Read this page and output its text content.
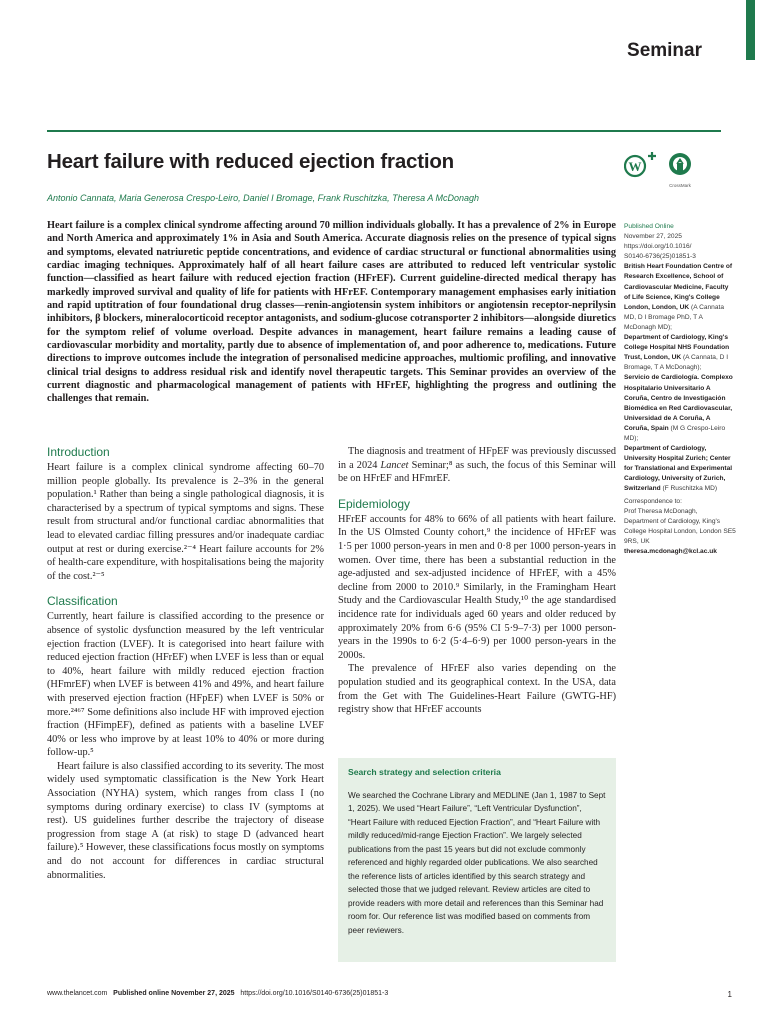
Seminar
Heart failure with reduced ejection fraction
Antonio Cannata, Maria Generosa Crespo-Leiro, Daniel I Bromage, Frank Ruschitzka, Theresa A McDonagh
W
CrossMark

Heart failure is a complex clinical syndrome affecting around 70 million individuals globally. It has a prevalence of 2% in Europe and North America and approximately 1% in Asia and South America. Accurate diagnosis relies on the presence of typical signs and symptoms, elevated natriuretic peptide concentrations, and evidence of cardiac structural or functional abnormalities using cardiac imaging techniques. Approximately half of all heart failure cases are attributed to reduced left ventricular systolic function—classified as heart failure with reduced ejection fraction (HFrEF). Current guideline-directed medical therapy has markedly improved survival and quality of life for patients with HFrEF. Contemporary management emphasises early initiation and rapid uptitration of four foundational drug classes—renin-angiotensin system inhibitors or angiotensin receptor-neprilysin inhibitors, β blockers, mineralocorticoid receptor antagonists, and sodium-glucose cotransporter 2 inhibitors—alongside diuretics for the symptom relief of volume overload. Despite advances in management, heart failure remains a leading cause of cardiovascular morbidity and mortality, partly due to absence of implementation of, and poor adherence to, medications. Future directions to improve outcomes include the integration of personalised medicine approaches, multiomic profiling, and innovative clinical trial designs to address residual risk and identify novel therapeutic targets. This Seminar provides an overview of the current diagnostic and pharmacological management of patients with HFrEF, highlighting the progress and outlining the challenges that remain.

Published Online
November 27, 2025
https://doi.org/10.1016/
S0140-6736(25)01851-3
British Heart Foundation Centre of Research Excellence, School of Cardiovascular Medicine, Faculty of Life Science, King's College London, London, UK (A Cannata MD, D I Bromage PhD, T A McDonagh MD);
Department of Cardiology, King's College Hospital NHS Foundation Trust, London, UK (A Cannata, D I Bromage, T A McDonagh);
Servicio de Cardiología. Complexo Hospitalario Universitario A Coruña, Centro de Investigación Biomédica en Red Cardiovascular, Universidad de A Coruña, A Coruña, Spain (M G Crespo-Leiro MD);
Department of Cardiology, University Hospital Zurich; Center for Translational and Experimental Cardiology, University of Zurich, Switzerland (F Ruschitzka MD)
Correspondence to:
Prof Theresa McDonagh,
Department of Cardiology, King's College Hospital London, London SE5 9RS, UK
theresa.mcdonagh@kcl.ac.uk
Introduction

Heart failure is a complex clinical syndrome affecting 60–70 million people globally. Its prevalence is 2–3% in the general population.¹ Rather than being a single pathological diagnosis, it is characterised by a spectrum of typical symptoms and signs. These result from structural and/or functional cardiac abnormalities that lead to elevated cardiac filling pressures and/or inadequate cardiac output at rest or during exercise.²⁻⁴ Heart failure accounts for 2% of health-care expenditure, with hospitalisations being the majority of the cost.²⁻⁵

Classification

Currently, heart failure is classified according to the presence or absence of systolic dysfunction measured by the left ventricular ejection fraction (LVEF). It is categorised into heart failure with reduced ejection fraction (HFrEF) when LVEF is less than or equal to 40%, heart failure with mildly reduced ejection fraction (HFmrEF) when LVEF is between 41% and 49%, and heart failure with preserved ejection fraction (HFpEF) when LVEF is 50% or more.²⁴⁶⁷ Some definitions also include HF with improved ejection fraction (HFimpEF), defined as patients with a baseline LVEF 40% or less who improve by at least 10% to 40% or more during follow-up.⁵

Heart failure is also classified according to its severity. The most widely used symptomatic classification is the New York Heart Association (NYHA) system, which ranges from class I (no symptoms during ordinary exercise) to class IV (symptoms at rest). US guidelines further describe the trajectory of disease progression from stage A (at risk) to stage D (advanced heart failure).⁵ However, these classifications focus mostly on symptoms and do not account for differences in cardiac structural abnormalities.

The diagnosis and treatment of HFpEF was previously discussed in a 2024 Lancet Seminar;⁸ as such, the focus of this Seminar will be on HFrEF and HFmrEF.

Epidemiology

HFrEF accounts for 48% to 66% of all patients with heart failure. In the US Olmsted County cohort,⁹ the incidence of HFrEF was 1·5 per 1000 person-years in men and 0·8 per 1000 person-years in women. Over time, there has been a substantial reduction in the age-adjusted and sex-adjusted incidence of HFrEF, with a 45% decline from 2000 to 2010.⁹ Similarly, in the Framingham Heart Study and the Cardiovascular Health Study,¹⁰ the age standardised incidence rate for individuals aged 60 years and older reduced by approximately 20% from 6·6 (95% CI 5·9–7·3) per 1000 person-years in the 1990s to 6·2 (5·4–6·9) per 1000 person-years in the 2000s.

The prevalence of HFrEF also varies depending on the population studied and its geographical context. In the USA, data from the Get with The Guidelines-Heart Failure (GWTG-HF) registry show that HFrEF accounts

Search strategy and selection criteria

We searched the Cochrane Library and MEDLINE (Jan 1, 1987 to Sept 1, 2025). We used “Heart Failure”, “Left Ventricular Dysfunction”, “Heart Failure with reduced Ejection Fraction”, and “Heart Failure with mildly reduced/mid-range Ejection Fraction”. We largely selected publications from the past 15 years but did not exclude commonly referenced and highly regarded older publications. We also searched the reference lists of articles identified by this search strategy and selected those that we judged relevant. Review articles are cited to provide readers with more detail and references than this Seminar had room for. Our reference list was modified based on comments from peer reviewers.

www.thelancet.com Published online November 27, 2025 https://doi.org/10.1016/S0140-6736(25)01851-3	1
